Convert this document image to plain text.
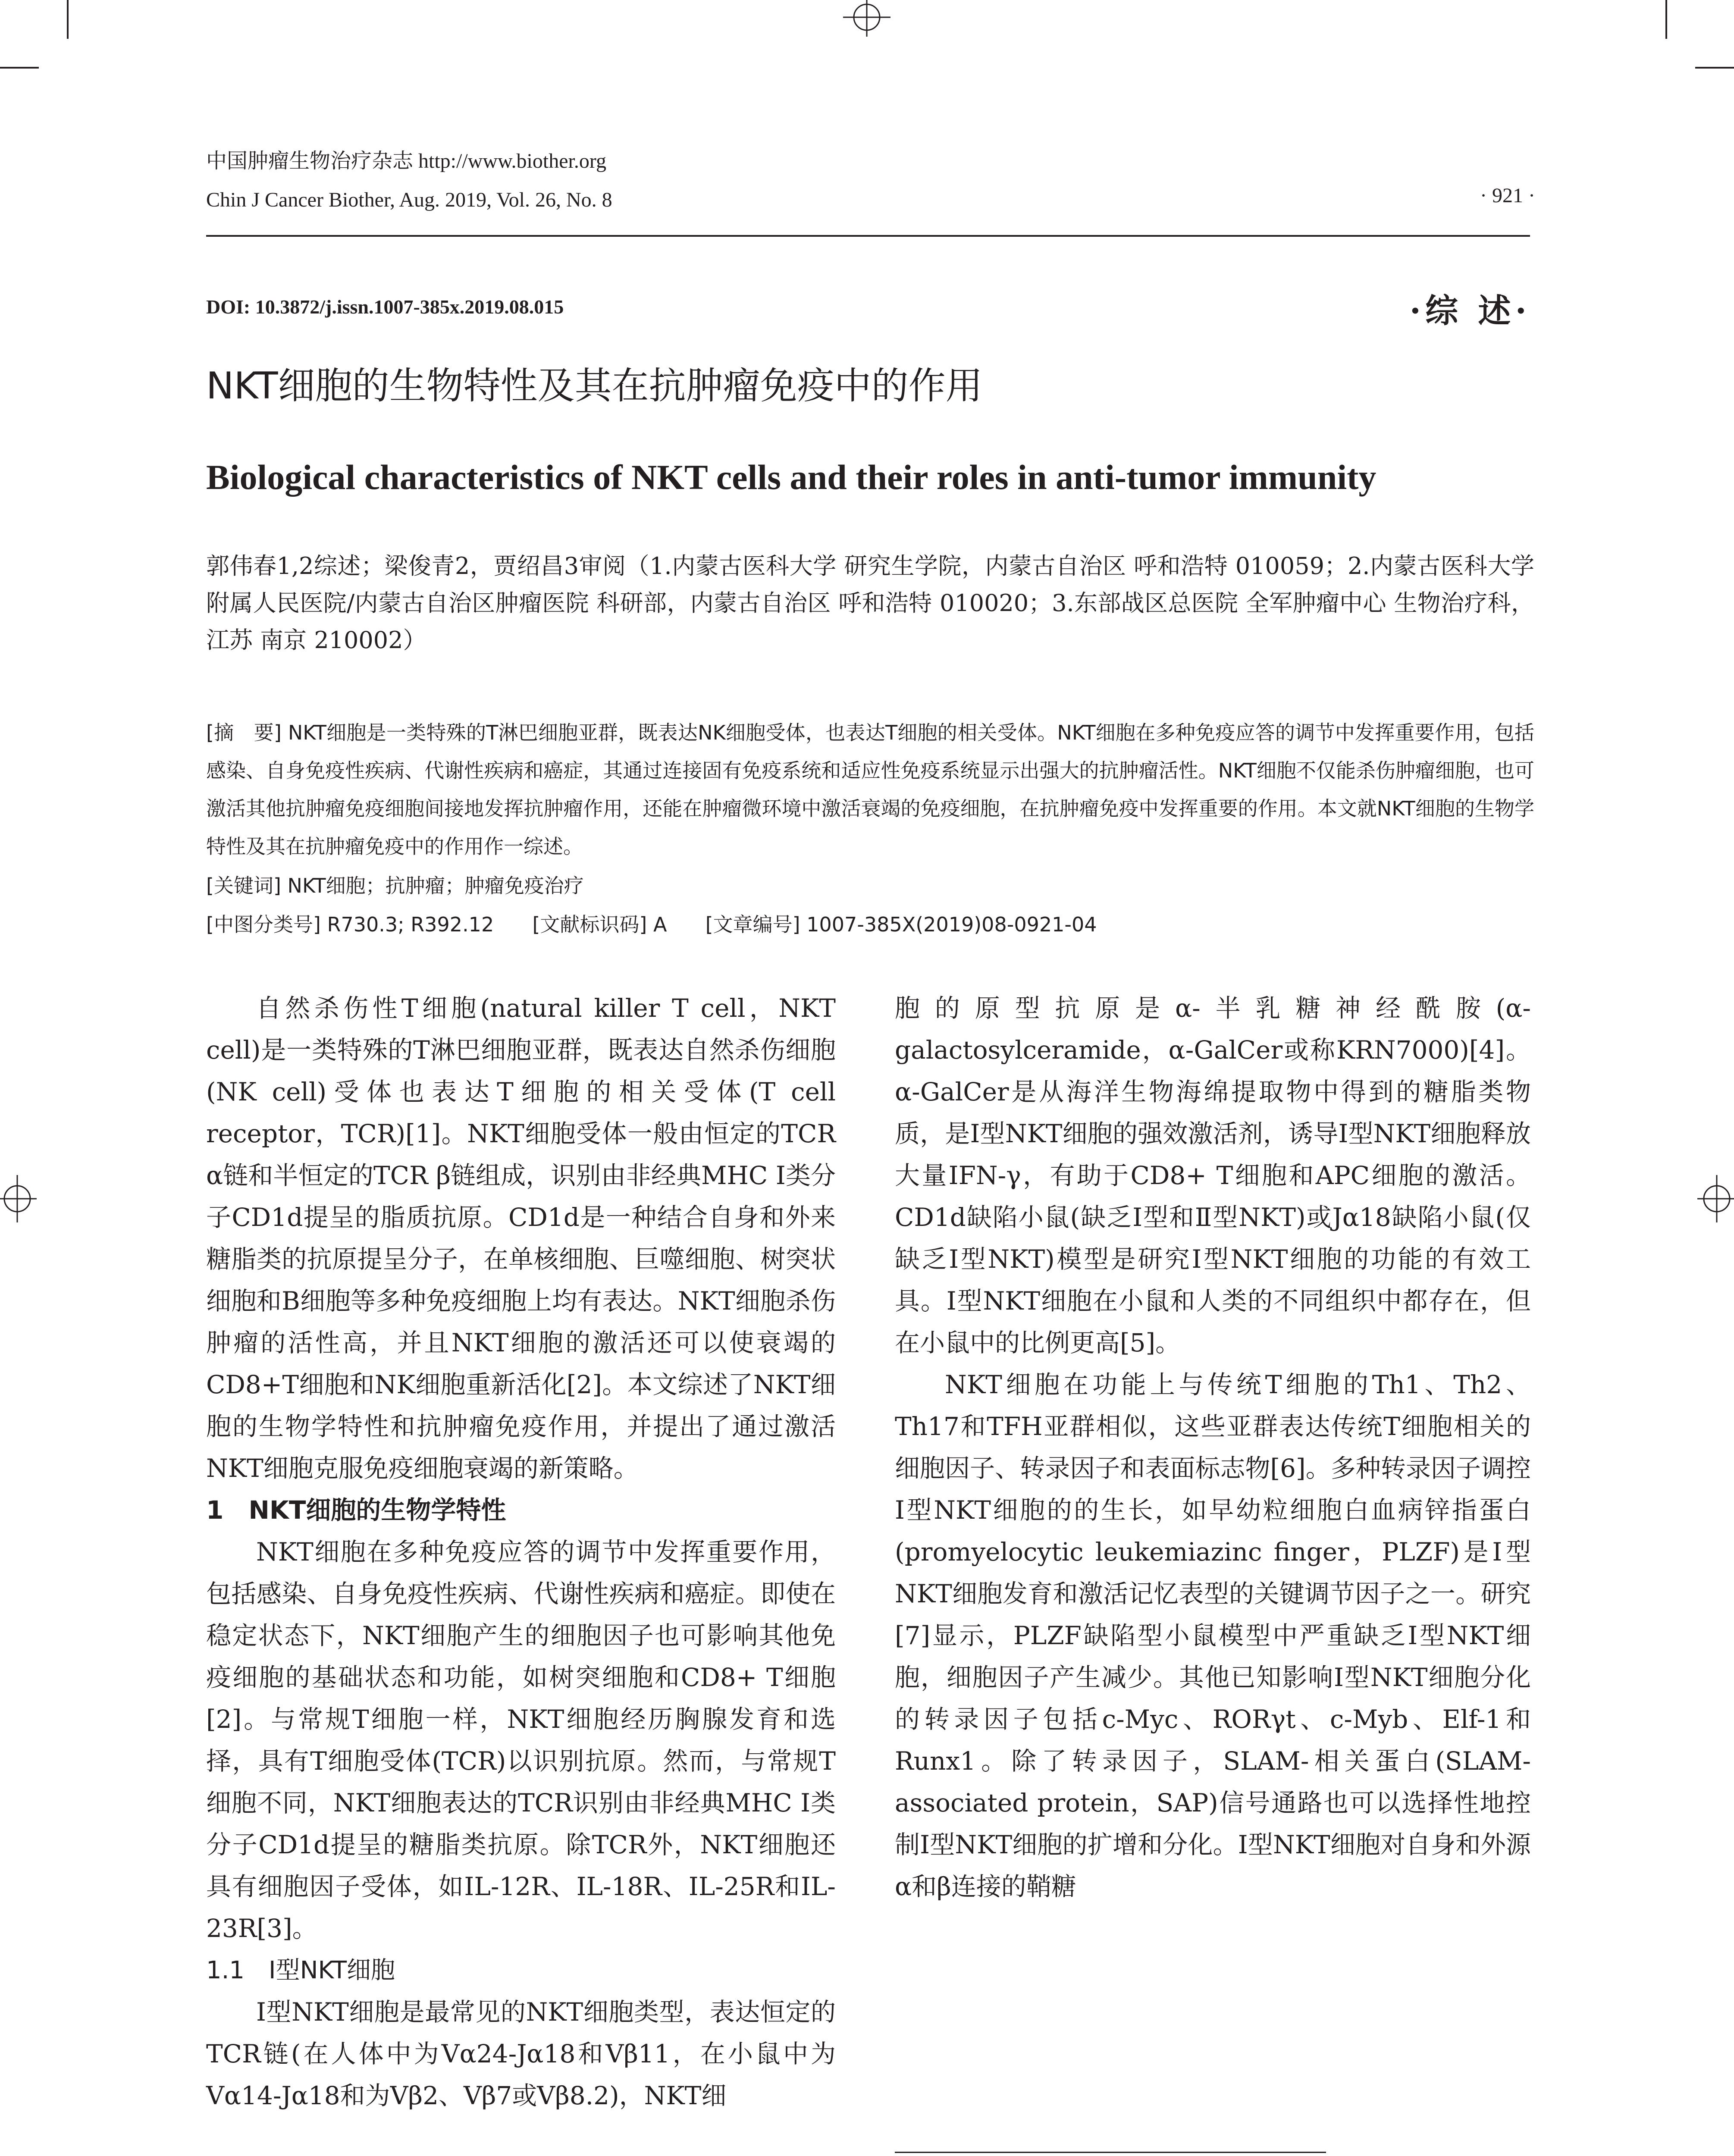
中国肿瘤生物治疗杂志 http://www.biother.org
Chin J Cancer Biother, Aug. 2019, Vol. 26, No. 8	· 921 ·
DOI: 10.3872/j.issn.1007-385x.2019.08.015	·综 述·
NKT细胞的生物特性及其在抗肿瘤免疫中的作用
Biological characteristics of NKT cells and their roles in anti-tumor immunity
郭伟春1,2综述；梁俊青2，贾绍昌3审阅（1.内蒙古医科大学 研究生学院，内蒙古自治区 呼和浩特 010059；2.内蒙古医科大学附属人民医院/内蒙古自治区肿瘤医院 科研部，内蒙古自治区 呼和浩特 010020；3.东部战区总医院 全军肿瘤中心 生物治疗科，江苏 南京 210002）
[摘　要] NKT细胞是一类特殊的T淋巴细胞亚群，既表达NK细胞受体，也表达T细胞的相关受体。NKT细胞在多种免疫应答的调节中发挥重要作用，包括感染、自身免疫性疾病、代谢性疾病和癌症，其通过连接固有免疫系统和适应性免疫系统显示出强大的抗肿瘤活性。NKT细胞不仅能杀伤肿瘤细胞，也可激活其他抗肿瘤免疫细胞间接地发挥抗肿瘤作用，还能在肿瘤微环境中激活衰竭的免疫细胞，在抗肿瘤免疫中发挥重要的作用。本文就NKT细胞的生物学特性及其在抗肿瘤免疫中的作用作一综述。
[关键词] NKT细胞；抗肿瘤；肿瘤免疫治疗
[中图分类号] R730.3; R392.12 [文献标识码] A [文章编号] 1007-385X(2019)08-0921-04

自然杀伤性T细胞(natural killer T cell，NKT cell)是一类特殊的T淋巴细胞亚群，既表达自然杀伤细胞(NK cell)受体也表达T细胞的相关受体(T cell receptor，TCR)[1]。NKT细胞受体一般由恒定的TCR α链和半恒定的TCR β链组成，识别由非经典MHC I类分子CD1d提呈的脂质抗原。CD1d是一种结合自身和外来糖脂类的抗原提呈分子，在单核细胞、巨噬细胞、树突状细胞和B细胞等多种免疫细胞上均有表达。NKT细胞杀伤肿瘤的活性高，并且NKT细胞的激活还可以使衰竭的CD8+T细胞和NK细胞重新活化[2]。本文综述了NKT细胞的生物学特性和抗肿瘤免疫作用，并提出了通过激活NKT细胞克服免疫细胞衰竭的新策略。

1　NKT细胞的生物学特性

NKT细胞在多种免疫应答的调节中发挥重要作用，包括感染、自身免疫性疾病、代谢性疾病和癌症。即使在稳定状态下，NKT细胞产生的细胞因子也可影响其他免疫细胞的基础状态和功能，如树突细胞和CD8+ T细胞[2]。与常规T细胞一样，NKT细胞经历胸腺发育和选择，具有T细胞受体(TCR)以识别抗原。然而，与常规T细胞不同，NKT细胞表达的TCR识别由非经典MHC Ⅰ类分子CD1d提呈的糖脂类抗原。除TCR外，NKT细胞还具有细胞因子受体，如IL-12R、IL-18R、IL-25R和IL-23R[3]。

1.1　Ⅰ型NKT细胞

Ⅰ型NKT细胞是最常见的NKT细胞类型，表达恒定的TCR链(在人体中为Vα24-Jα18和Vβ11，在小鼠中为Vα14-Jα18和为Vβ2、Vβ7或Vβ8.2)，NKT细

胞的原型抗原是α-半乳糖神经酰胺(α-galactosylceramide，α-GalCer或称KRN7000)[4]。α-GalCer是从海洋生物海绵提取物中得到的糖脂类物质，是Ⅰ型NKT细胞的强效激活剂，诱导Ⅰ型NKT细胞释放大量IFN-γ，有助于CD8+ T细胞和APC细胞的激活。CD1d缺陷小鼠(缺乏Ⅰ型和Ⅱ型NKT)或Jα18缺陷小鼠(仅缺乏Ⅰ型NKT)模型是研究Ⅰ型NKT细胞的功能的有效工具。Ⅰ型NKT细胞在小鼠和人类的不同组织中都存在，但在小鼠中的比例更高[5]。

NKT细胞在功能上与传统T细胞的Th1、Th2、Th17和TFH亚群相似，这些亚群表达传统T细胞相关的细胞因子、转录因子和表面标志物[6]。多种转录因子调控Ⅰ型NKT细胞的的生长，如早幼粒细胞白血病锌指蛋白(promyelocytic leukemiazinc finger，PLZF)是Ⅰ型NKT细胞发育和激活记忆表型的关键调节因子之一。研究[7]显示，PLZF缺陷型小鼠模型中严重缺乏Ⅰ型NKT细胞，细胞因子产生减少。其他已知影响Ⅰ型NKT细胞分化的转录因子包括c-Myc、RORγt、c-Myb、Elf-1和Runx1。除了转录因子，SLAM-相关蛋白(SLAM-associated protein，SAP)信号通路也可以选择性地控制Ⅰ型NKT细胞的扩增和分化。Ⅰ型NKT细胞对自身和外源α和β连接的鞘糖
